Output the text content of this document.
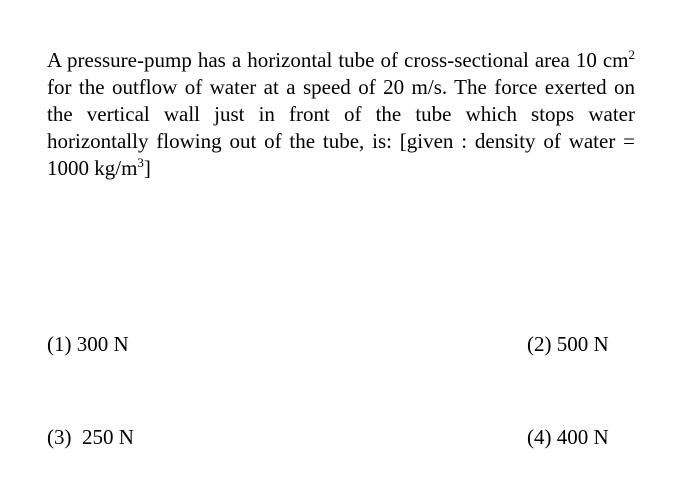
A pressure-pump has a horizontal tube of cross-sectional area 10 $cm^2$ for the outflow of water at a speed of 20 m/s. The force exerted on the vertical wall just in front of the tube which stops water horizontally flowing out of the tube, is: [given : density of water = 1000 $kg/m^3$]

(1) 300 N	(2) 500 N
(3) 250 N	(4) 400 N
